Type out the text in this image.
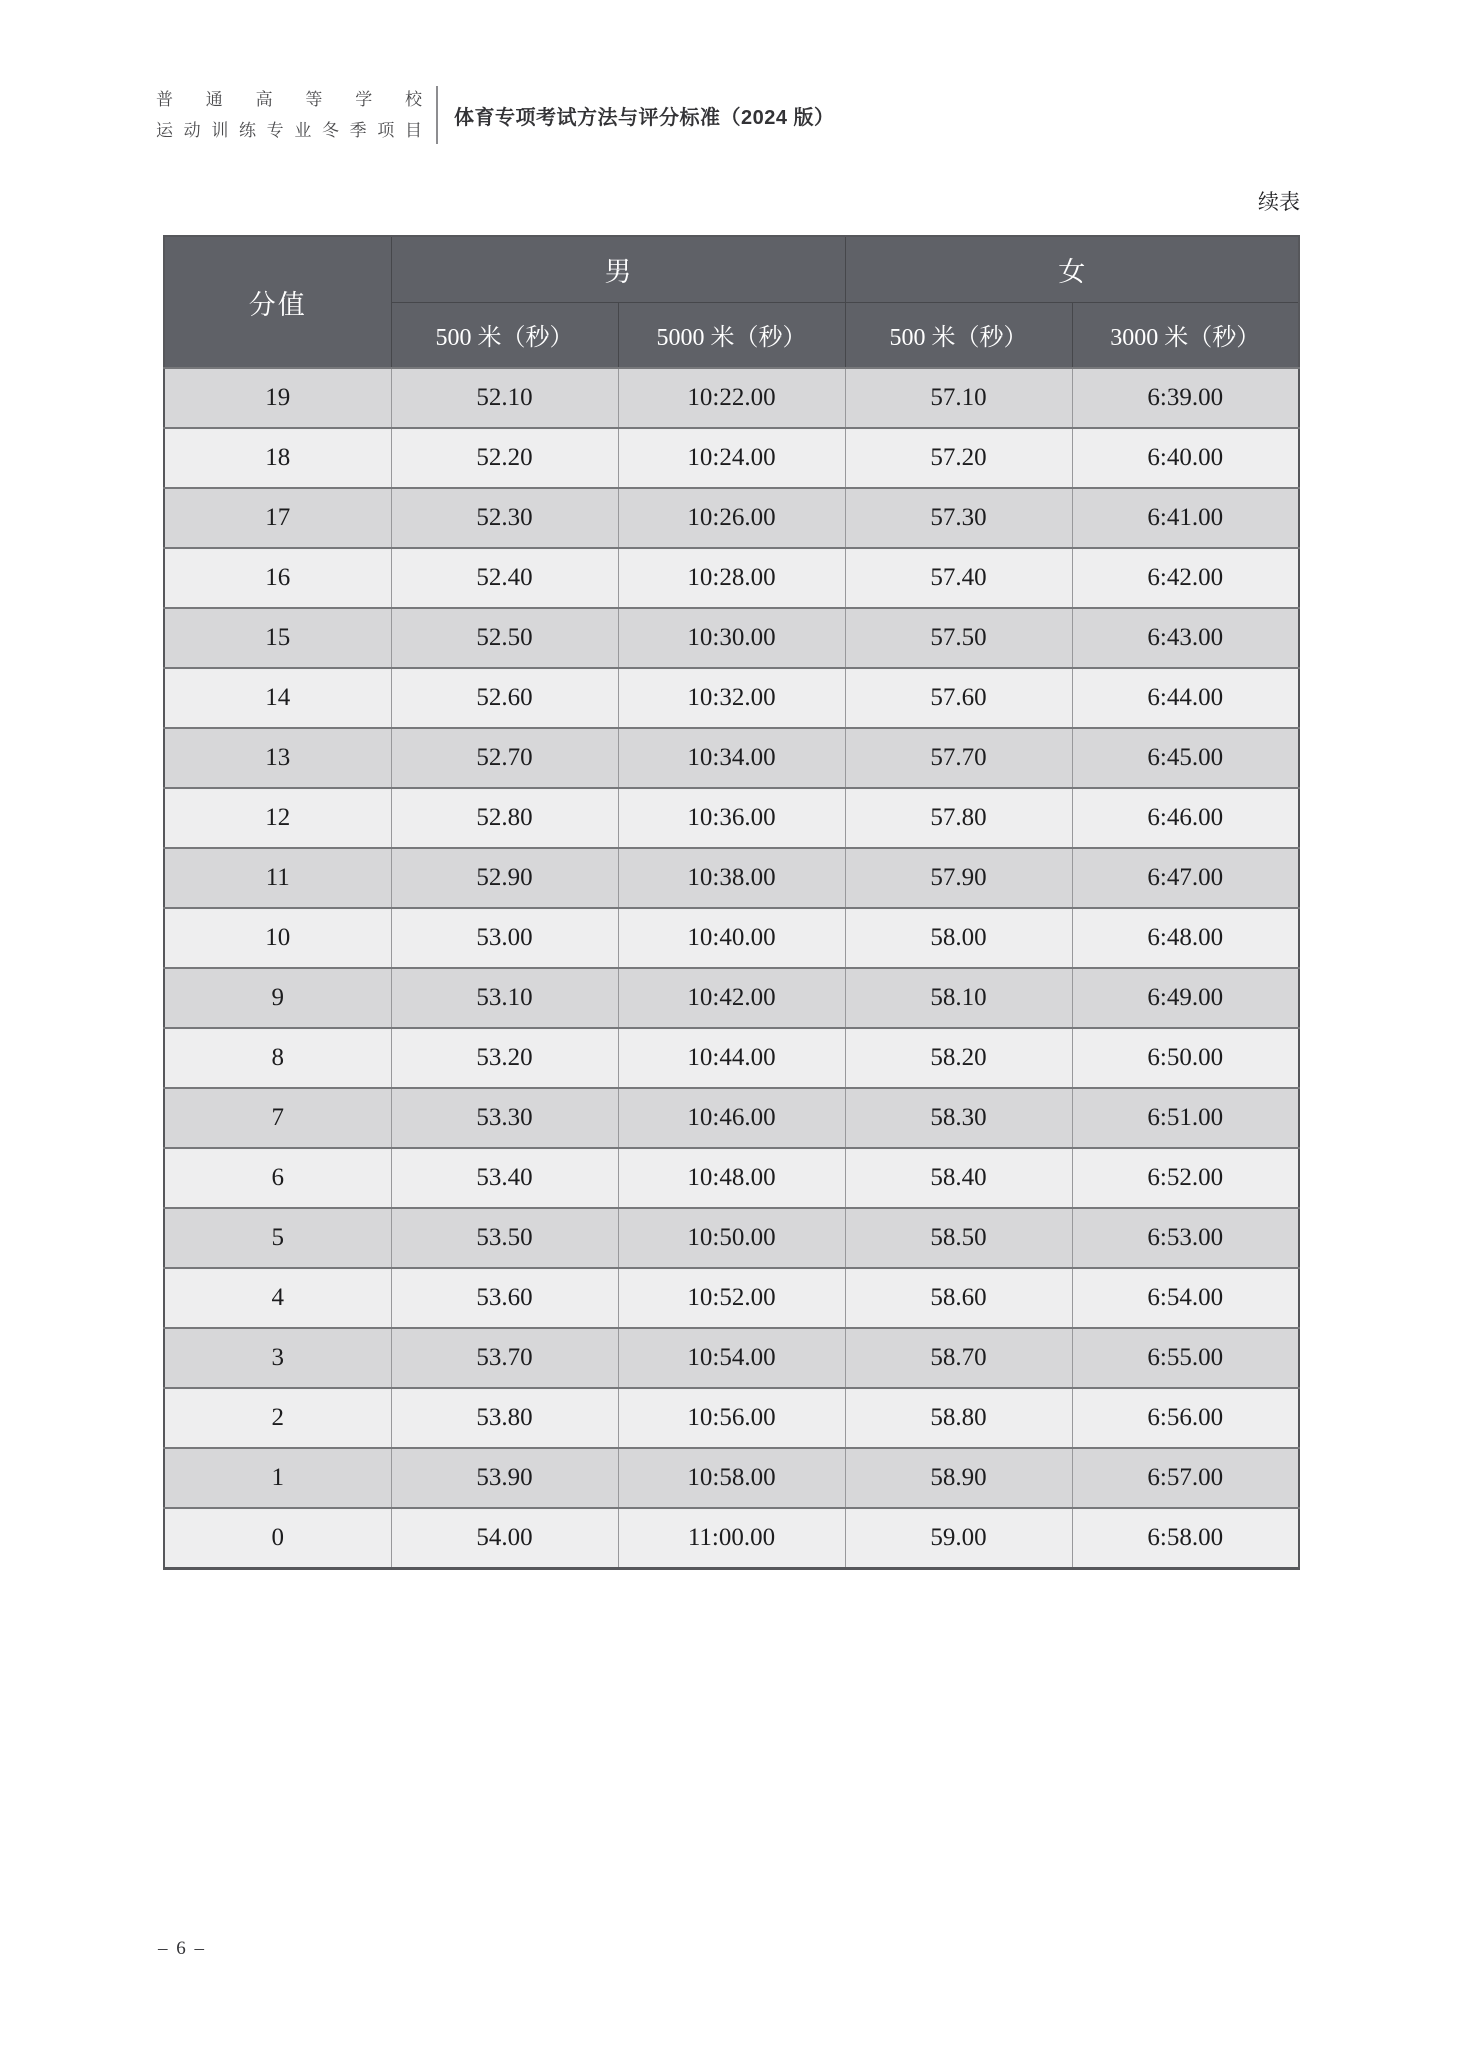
普通高等学校
运动训练专业冬季项目
体育专项考试方法与评分标准（2024 版）
续表
分值	男		女	
	500 米（秒）	5000 米（秒）	500 米（秒）	3000 米（秒）
19	52.10	10:22.00	57.10	6:39.00
18	52.20	10:24.00	57.20	6:40.00
17	52.30	10:26.00	57.30	6:41.00
16	52.40	10:28.00	57.40	6:42.00
15	52.50	10:30.00	57.50	6:43.00
14	52.60	10:32.00	57.60	6:44.00
13	52.70	10:34.00	57.70	6:45.00
12	52.80	10:36.00	57.80	6:46.00
11	52.90	10:38.00	57.90	6:47.00
10	53.00	10:40.00	58.00	6:48.00
9	53.10	10:42.00	58.10	6:49.00
8	53.20	10:44.00	58.20	6:50.00
7	53.30	10:46.00	58.30	6:51.00
6	53.40	10:48.00	58.40	6:52.00
5	53.50	10:50.00	58.50	6:53.00
4	53.60	10:52.00	58.60	6:54.00
3	53.70	10:54.00	58.70	6:55.00
2	53.80	10:56.00	58.80	6:56.00
1	53.90	10:58.00	58.90	6:57.00
0	54.00	11:00.00	59.00	6:58.00
– 6 –
